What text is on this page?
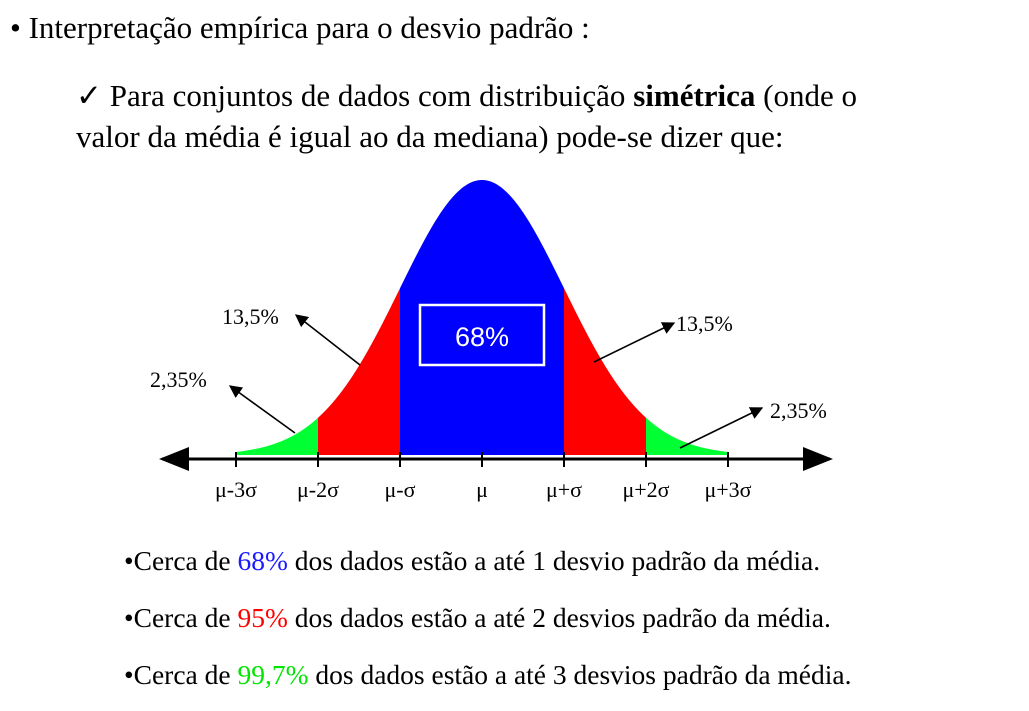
• Interpretação empírica para o desvio padrão :
✓ Para conjuntos de dados com distribuição simétrica (onde o
valor da média é igual ao da mediana) pode-se dizer que:
μ-3σ μ-2σ μ-σ	μ	μ+σ μ+2σ μ+3σ
68%
13,5%
2,35%
13,5%
2,35%
•Cerca de 68% dos dados estão a até 1 desvio padrão da média.
•Cerca de 95% dos dados estão a até 2 desvios padrão da média.
•Cerca de 99,7% dos dados estão a até 3 desvios padrão da média.
